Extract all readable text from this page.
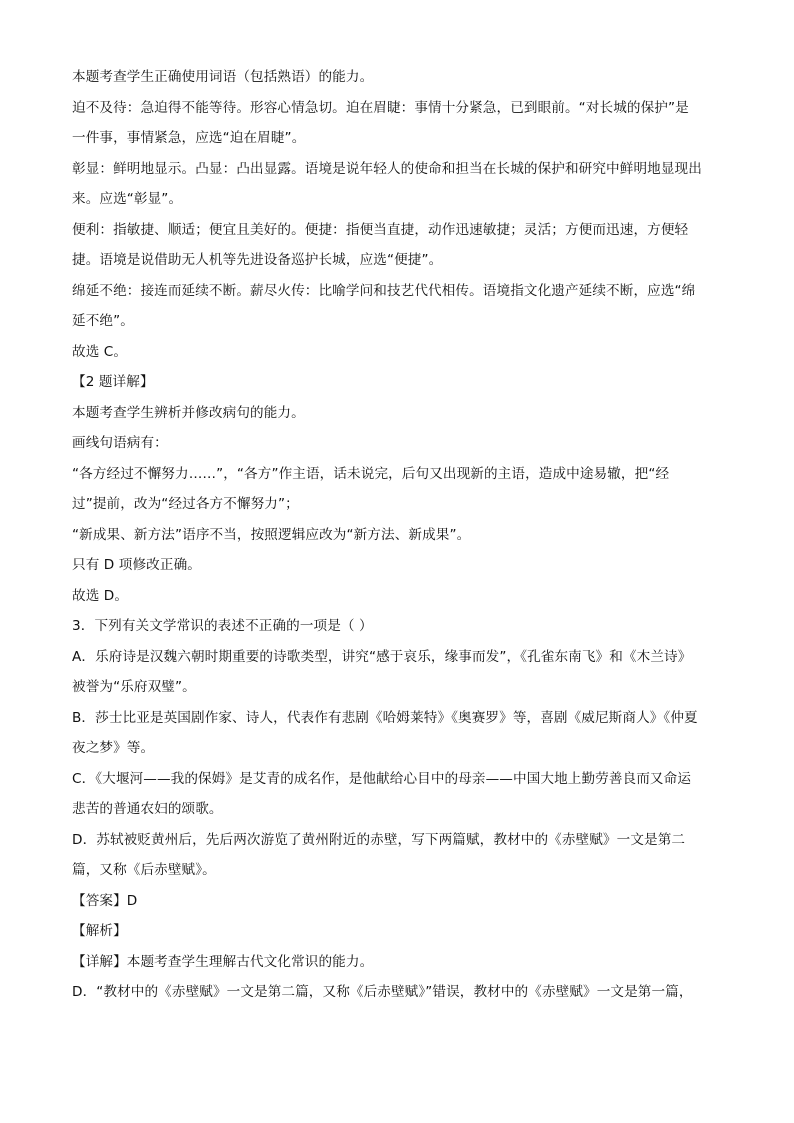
本题考查学生正确使用词语（包括熟语）的能力。

迫不及待：急迫得不能等待。形容心情急切。迫在眉睫：事情十分紧急，已到眼前。“对长城的保护”是

一件事，事情紧急，应选“迫在眉睫”。

彰显：鲜明地显示。凸显：凸出显露。语境是说年轻人的使命和担当在长城的保护和研究中鲜明地显现出

来。应选“彰显”。

便利：指敏捷、顺适；便宜且美好的。便捷：指便当直捷，动作迅速敏捷；灵活；方便而迅速，方便轻

捷。语境是说借助无人机等先进设备巡护长城，应选“便捷”。

绵延不绝：接连而延续不断。薪尽火传：比喻学问和技艺代代相传。语境指文化遗产延续不断，应选“绵

延不绝”。

故选 C。

【2 题详解】

本题考查学生辨析并修改病句的能力。

画线句语病有：

“各方经过不懈努力……”，“各方”作主语，话未说完，后句又出现新的主语，造成中途易辙，把“经

过”提前，改为“经过各方不懈努力”；

“新成果、新方法”语序不当，按照逻辑应改为“新方法、新成果”。

只有 D 项修改正确。

故选 D。

3．下列有关文学常识的表述不正确的一项是（ ）

A．乐府诗是汉魏六朝时期重要的诗歌类型，讲究“感于哀乐，缘事而发”，《孔雀东南飞》和《木兰诗》

被誉为“乐府双璧”。

B．莎士比亚是英国剧作家、诗人，代表作有悲剧《哈姆莱特》《奥赛罗》等，喜剧《威尼斯商人》《仲夏

夜之梦》等。

C．《大堰河——我的保姆》是艾青的成名作，是他献给心目中的母亲——中国大地上勤劳善良而又命运

悲苦的普通农妇的颂歌。

D．苏轼被贬黄州后，先后两次游览了黄州附近的赤壁，写下两篇赋，教材中的《赤壁赋》一文是第二

篇，又称《后赤壁赋》。

【答案】D

【解析】

【详解】本题考查学生理解古代文化常识的能力。

D．“教材中的《赤壁赋》一文是第二篇，又称《后赤壁赋》”错误，教材中的《赤壁赋》一文是第一篇，
